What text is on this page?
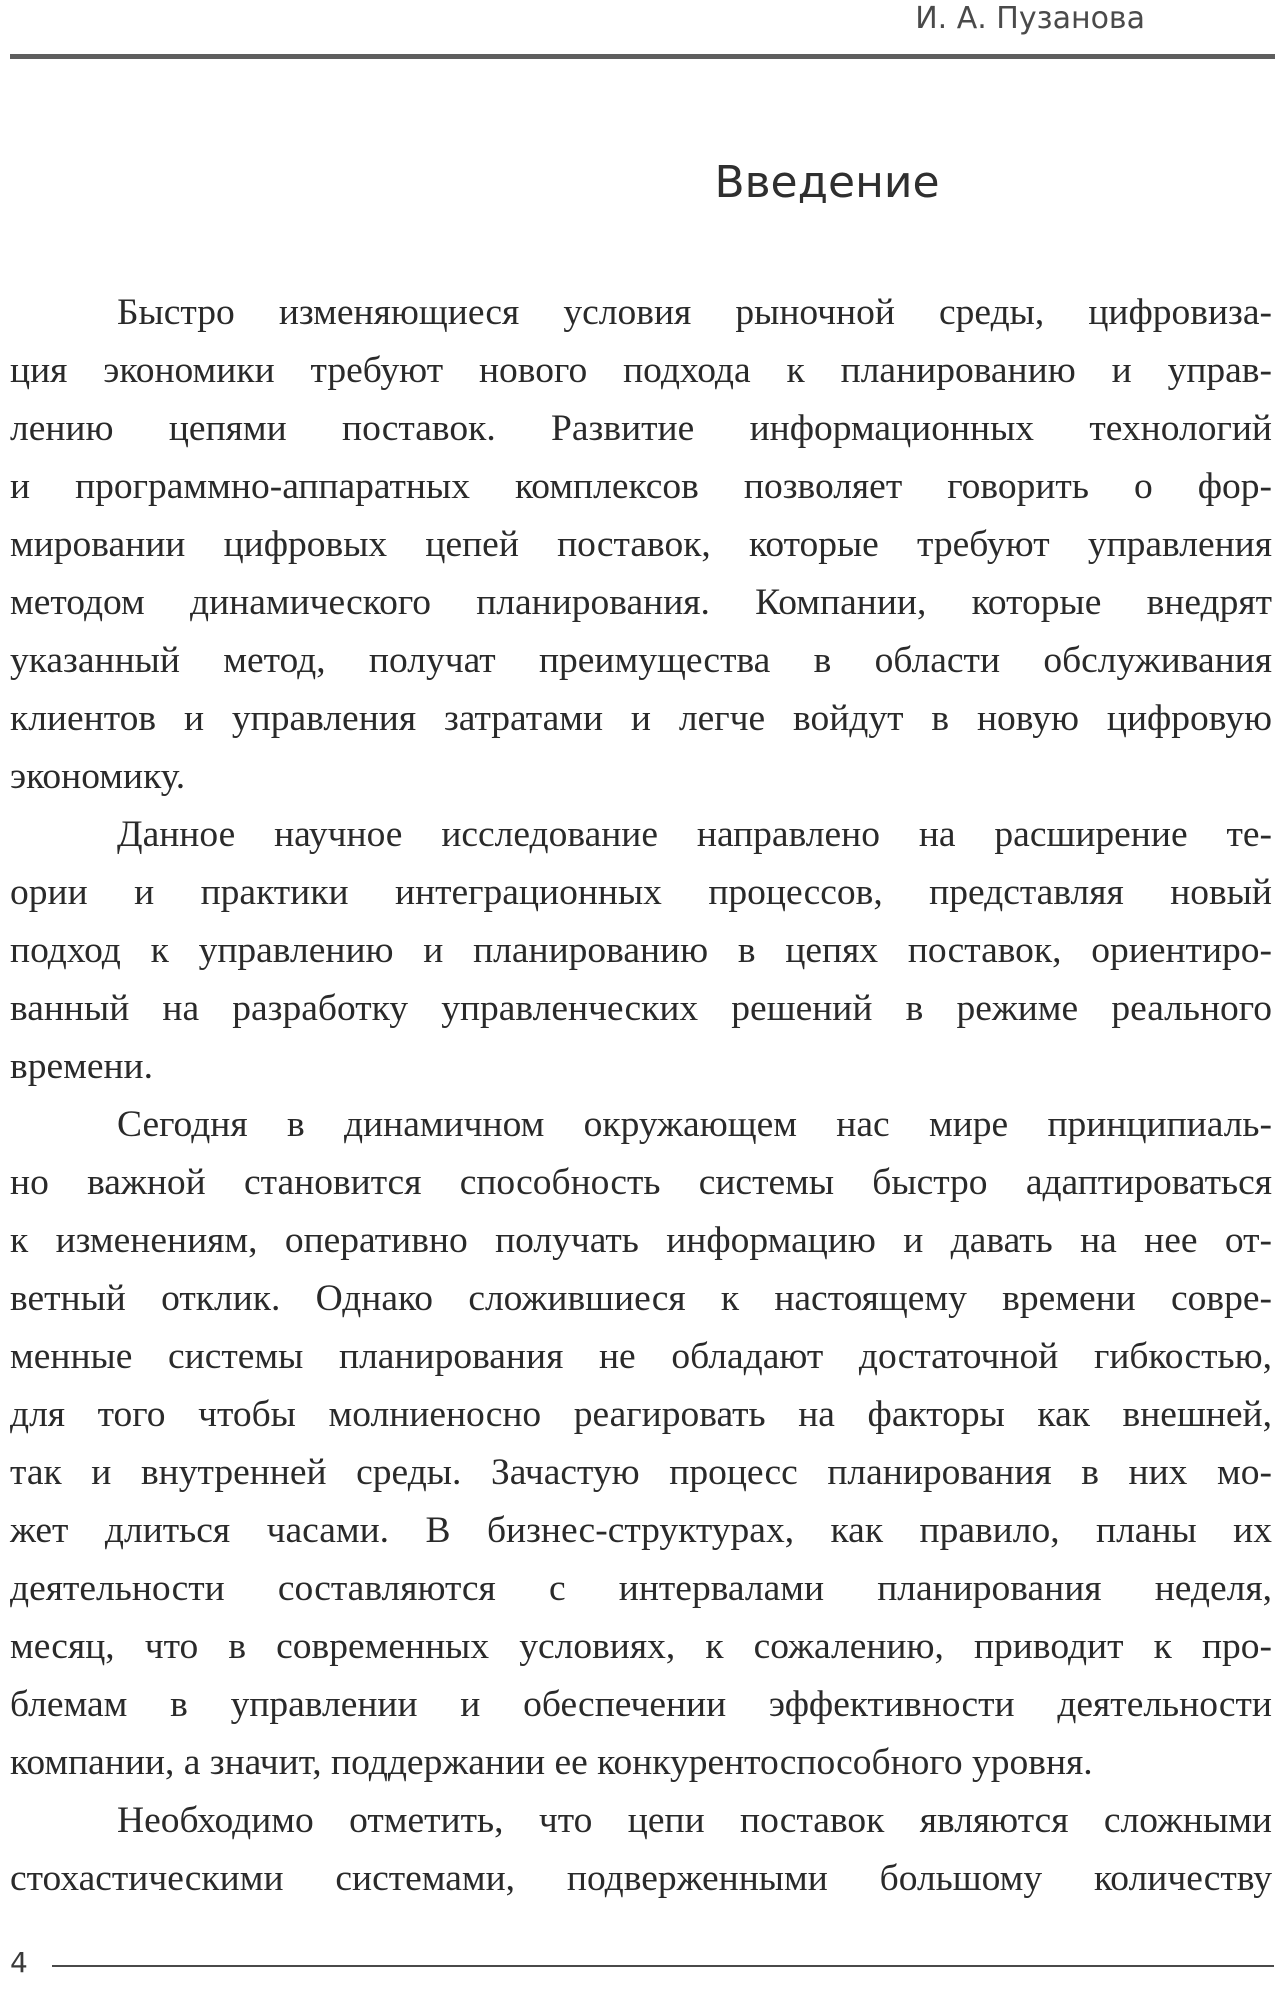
И. А. Пузанова
Введение
Быстро изменяющиеся условия рыночной среды, цифровиза-
ция экономики требуют нового подхода к планированию и управ-
лению цепями поставок. Развитие информационных технологий
и программно-аппаратных комплексов позволяет говорить о фор-
мировании цифровых цепей поставок, которые требуют управления
методом динамического планирования. Компании, которые внедрят
указанный метод, получат преимущества в области обслуживания
клиентов и управления затратами и легче войдут в новую цифровую
экономику.
Данное научное исследование направлено на расширение те-
ории и практики интеграционных процессов, представляя новый
подход к управлению и планированию в цепях поставок, ориентиро-
ванный на разработку управленческих решений в режиме реального
времени.
Сегодня в динамичном окружающем нас мире принципиаль-
но важной становится способность системы быстро адаптироваться
к изменениям, оперативно получать информацию и давать на нее от-
ветный отклик. Однако сложившиеся к настоящему времени совре-
менные системы планирования не обладают достаточной гибкостью,
для того чтобы молниеносно реагировать на факторы как внешней,
так и внутренней среды. Зачастую процесс планирования в них мо-
жет длиться часами. В бизнес-структурах, как правило, планы их
деятельности составляются с интервалами планирования неделя,
месяц, что в современных условиях, к сожалению, приводит к про-
блемам в управлении и обеспечении эффективности деятельности
компании, а значит, поддержании ее конкурентоспособного уровня.
Необходимо отметить, что цепи поставок являются сложными
стохастическими системами, подверженными большому количеству
4
